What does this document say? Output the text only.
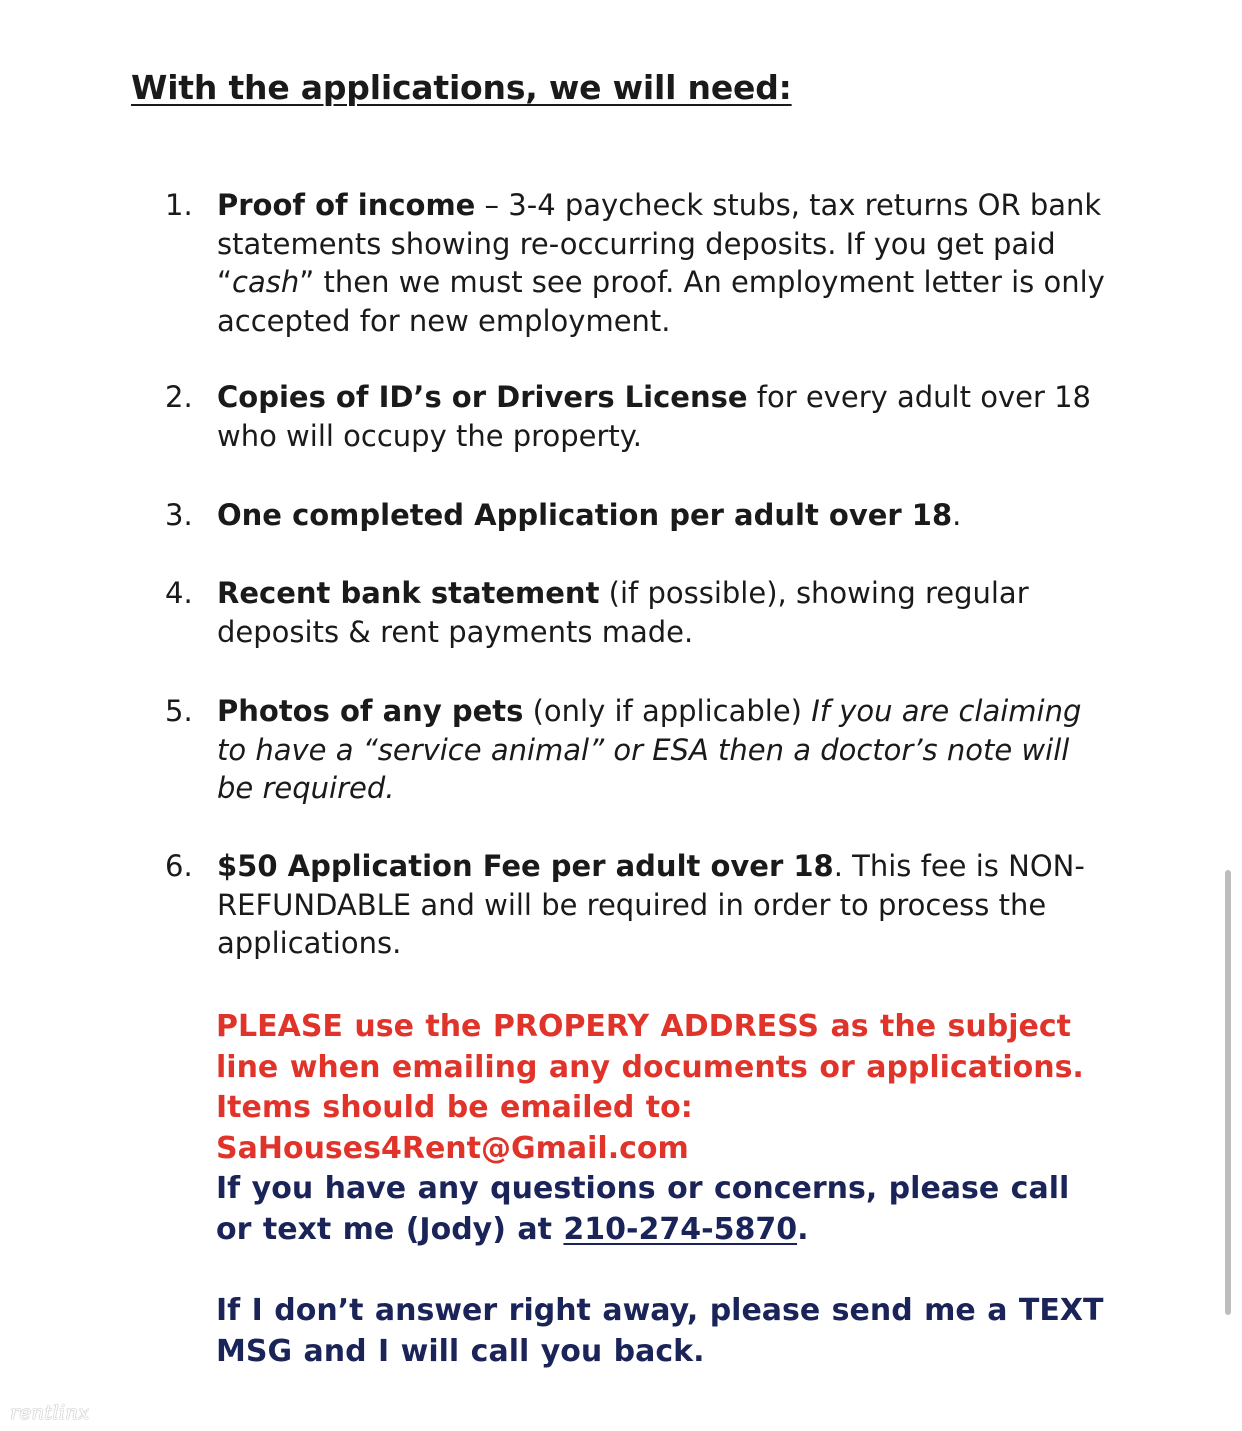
With the applications, we will need:
1. Proof of income – 3-4 paycheck stubs, tax returns OR bank statements showing re-occurring deposits. If you get paid “cash” then we must see proof. An employment letter is only accepted for new employment.
2. Copies of ID’s or Drivers License for every adult over 18 who will occupy the property.
3. One completed Application per adult over 18.
4. Recent bank statement (if possible), showing regular deposits & rent payments made.
5. Photos of any pets (only if applicable) If you are claiming to have a “service animal” or ESA then a doctor’s note will be required.
6. $50 Application Fee per adult over 18. This fee is NON-REFUNDABLE and will be required in order to process the applications.

PLEASE use the PROPERY ADDRESS as the subject line when emailing any documents or applications. Items should be emailed to: SaHouses4Rent@Gmail.com

If you have any questions or concerns, please call or text me (Jody) at 210-274-5870.

If I don’t answer right away, please send me a TEXT MSG and I will call you back.

rentlinx
